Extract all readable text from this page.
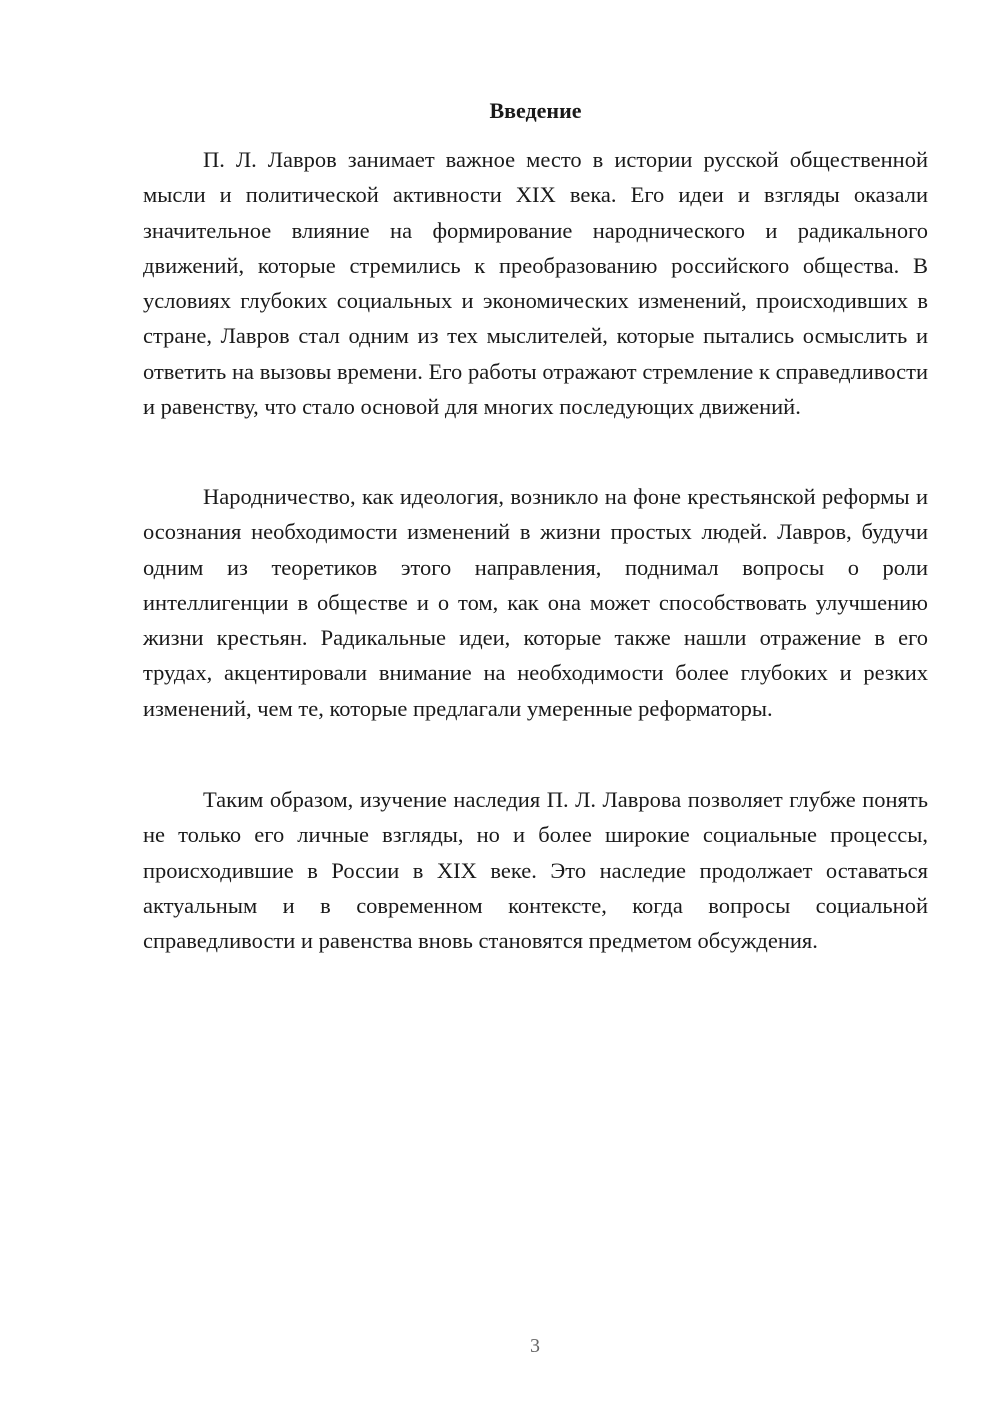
Введение

П. Л. Лавров занимает важное место в истории русской общественной мысли и политической активности XIX века. Его идеи и взгляды оказали значительное влияние на формирование народнического и радикального движений, которые стремились к преобразованию российского общества. В условиях глубоких социальных и экономических изменений, происходивших в стране, Лавров стал одним из тех мыслителей, которые пытались осмыслить и ответить на вызовы времени. Его работы отражают стремление к справедливости и равенству, что стало основой для многих последующих движений.

Народничество, как идеология, возникло на фоне крестьянской реформы и осознания необходимости изменений в жизни простых людей. Лавров, будучи одним из теоретиков этого направления, поднимал вопросы о роли интеллигенции в обществе и о том, как она может способствовать улучшению жизни крестьян. Радикальные идеи, которые также нашли отражение в его трудах, акцентировали внимание на необходимости более глубоких и резких изменений, чем те, которые предлагали умеренные реформаторы.

Таким образом, изучение наследия П. Л. Лаврова позволяет глубже понять не только его личные взгляды, но и более широкие социальные процессы, происходившие в России в XIX веке. Это наследие продолжает оставаться актуальным и в современном контексте, когда вопросы социальной справедливости и равенства вновь становятся предметом обсуждения.

3
